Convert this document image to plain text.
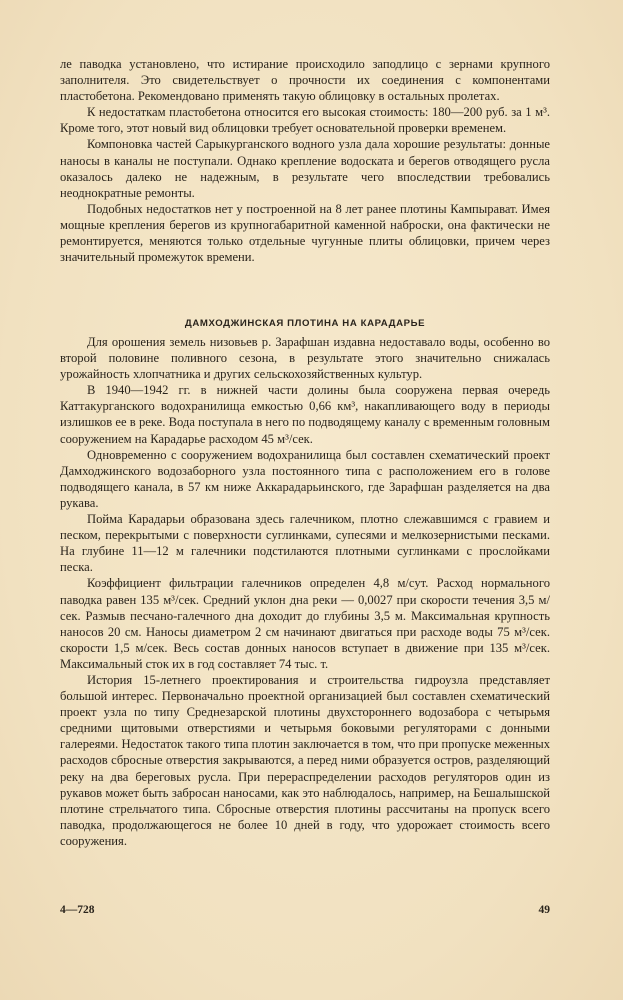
ле паводка установлено, что истирание происходило заподлицо с зернами крупного заполнителя. Это свидетельствует о прочности их соединения с компонентами пластобетона. Рекомендовано применять такую облицовку в остальных пролетах.

К недостаткам пластобетона относится его высокая стоимость: 180—200 руб. за 1 м³. Кроме того, этот новый вид облицовки требует основательной проверки временем.

Компоновка частей Сарыкурганского водного узла дала хорошие результаты: донные наносы в каналы не поступали. Однако крепление водоската и берегов отводящего русла оказалось далеко не надежным, в результате чего впоследствии требовались неоднократные ремонты.

Подобных недостатков нет у построенной на 8 лет ранее плотины Кампырават. Имея мощные крепления берегов из крупногабаритной каменной наброски, она фактически не ремонтируется, меняются только отдельные чугунные плиты облицовки, причем через значительный промежуток времени.

ДАМХОДЖИНСКАЯ ПЛОТИНА НА КАРАДАРЬЕ

Для орошения земель низовьев р. Зарафшан издавна недоставало воды, особенно во второй половине поливного сезона, в результате этого значительно снижалась урожайность хлопчатника и других сельскохозяйственных культур.

В 1940—1942 гг. в нижней части долины была сооружена первая очередь Каттакурганского водохранилища емкостью 0,66 км³, накапливающего воду в периоды излишков ее в реке. Вода поступала в него по подводящему каналу с временным головным сооружением на Карадарье расходом 45 м³/сек.

Одновременно с сооружением водохранилища был составлен схематический проект Дамходжинского водозаборного узла постоянного типа с расположением его в голове подводящего канала, в 57 км ниже Аккарадарьинского, где Зарафшан разделяется на два рукава.

Пойма Карадарьи образована здесь галечником, плотно слежавшимся с гравием и песком, перекрытыми с поверхности суглинками, супесями и мелкозернистыми песками. На глубине 11—12 м галечники подстилаются плотными суглинками с прослойками песка.

Коэффициент фильтрации галечников определен 4,8 м/сут. Расход нормального паводка равен 135 м³/сек. Средний уклон дна реки — 0,0027 при скорости течения 3,5 м/сек. Размыв песчано-галечного дна доходит до глубины 3,5 м. Максимальная крупность наносов 20 см. Наносы диаметром 2 см начинают двигаться при расходе воды 75 м³/сек. скорости 1,5 м/сек. Весь состав донных наносов вступает в движение при 135 м³/сек. Максимальный сток их в год составляет 74 тыс. т.

История 15-летнего проектирования и строительства гидроузла представляет большой интерес. Первоначально проектной организацией был составлен схематический проект узла по типу Среднезарской плотины двухстороннего водозабора с четырьмя средними щитовыми отверстиями и четырьмя боковыми регуляторами с донными галереями. Недостаток такого типа плотин заключается в том, что при пропуске меженных расходов сбросные отверстия закрываются, а перед ними образуется остров, разделяющий реку на два береговых русла. При перераспределении расходов регуляторов один из рукавов может быть забросан наносами, как это наблюдалось, например, на Бешалышской плотине стрельчатого типа. Сбросные отверстия плотины рассчитаны на пропуск всего паводка, продолжающегося не более 10 дней в году, что удорожает стоимость всего сооружения.

4—728	49
